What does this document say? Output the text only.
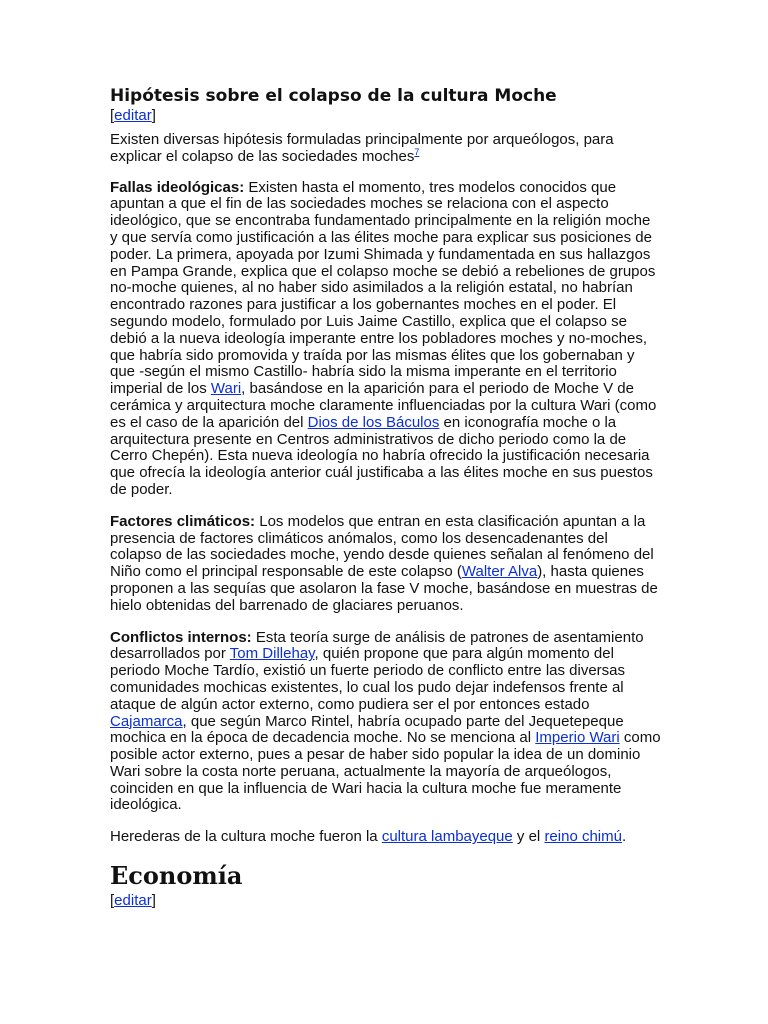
Hipótesis sobre el colapso de la cultura Moche
[editar]

Existen diversas hipótesis formuladas principalmente por arqueólogos, para explicar el colapso de las sociedades moches$^7$

Fallas ideológicas: Existen hasta el momento, tres modelos conocidos que apuntan a que el fin de las sociedades moches se relaciona con el aspecto ideológico, que se encontraba fundamentado principalmente en la religión moche y que servía como justificación a las élites moche para explicar sus posiciones de poder. La primera, apoyada por Izumi Shimada y fundamentada en sus hallazgos en Pampa Grande, explica que el colapso moche se debió a rebeliones de grupos no-moche quienes, al no haber sido asimilados a la religión estatal, no habrían encontrado razones para justificar a los gobernantes moches en el poder. El segundo modelo, formulado por Luis Jaime Castillo, explica que el colapso se debió a la nueva ideología imperante entre los pobladores moches y no-moches, que habría sido promovida y traída por las mismas élites que los gobernaban y que -según el mismo Castillo- habría sido la misma imperante en el territorio imperial de los Wari, basándose en la aparición para el periodo de Moche V de cerámica y arquitectura moche claramente influenciadas por la cultura Wari (como es el caso de la aparición del Dios de los Báculos en iconografía moche o la arquitectura presente en Centros administrativos de dicho periodo como la de Cerro Chepén). Esta nueva ideología no habría ofrecido la justificación necesaria que ofrecía la ideología anterior cuál justificaba a las élites moche en sus puestos de poder.

Factores climáticos: Los modelos que entran en esta clasificación apuntan a la presencia de factores climáticos anómalos, como los desencadenantes del colapso de las sociedades moche, yendo desde quienes señalan al fenómeno del Niño como el principal responsable de este colapso (Walter Alva), hasta quienes proponen a las sequías que asolaron la fase V moche, basándose en muestras de hielo obtenidas del barrenado de glaciares peruanos.

Conflictos internos: Esta teoría surge de análisis de patrones de asentamiento desarrollados por Tom Dillehay, quién propone que para algún momento del periodo Moche Tardío, existió un fuerte periodo de conflicto entre las diversas comunidades mochicas existentes, lo cual los pudo dejar indefensos frente al ataque de algún actor externo, como pudiera ser el por entonces estado Cajamarca, que según Marco Rintel, habría ocupado parte del Jequetepeque mochica en la época de decadencia moche. No se menciona al Imperio Wari como posible actor externo, pues a pesar de haber sido popular la idea de un dominio Wari sobre la costa norte peruana, actualmente la mayoría de arqueólogos, coinciden en que la influencia de Wari hacia la cultura moche fue meramente ideológica.

Herederas de la cultura moche fueron la cultura lambayeque y el reino chimú.

Economía
[editar]
